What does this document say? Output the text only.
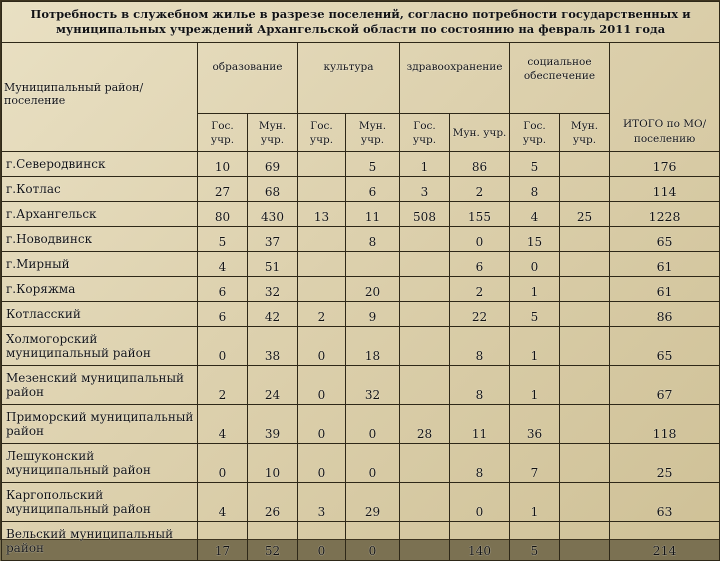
Потребность в служебном жилье в разрезе поселений, согласно потребности государственных и муниципальных учреждений Архангельской области по состоянию на февраль 2011 года									
Муниципальный район/поселение	образование		культура		здравоохранение		социальное обеспечение		ИТОГО по МО/поселению
	Гос. учр.	Мун. учр.	Гос. учр.	Мун. учр.	Гос. учр.	Мун. учр.	Гос. учр.	Мун. учр.	
г.Северодвинск	10	69		5	1	86	5		176
г.Котлас	27	68		6	3	2	8		114
г.Архангельск	80	430	13	11	508	155	4	25	1228
г.Новодвинск	5	37		8		0	15		65
г.Мирный	4	51				6	0		61
г.Коряжма	6	32		20		2	1		61
Котласский	6	42	2	9		22	5		86
Холмогорский муниципальный район	0	38	0	18		8	1		65
Мезенский муниципальный район	2	24	0	32		8	1		67
Приморский муниципальный район	4	39	0	0	28	11	36		118
Лешуконский муниципальный район	0	10	0	0		8	7		25
Каргопольский муниципальный район	4	26	3	29		0	1		63
Вельский муниципальный район	17	52	0	0		140	5		214
